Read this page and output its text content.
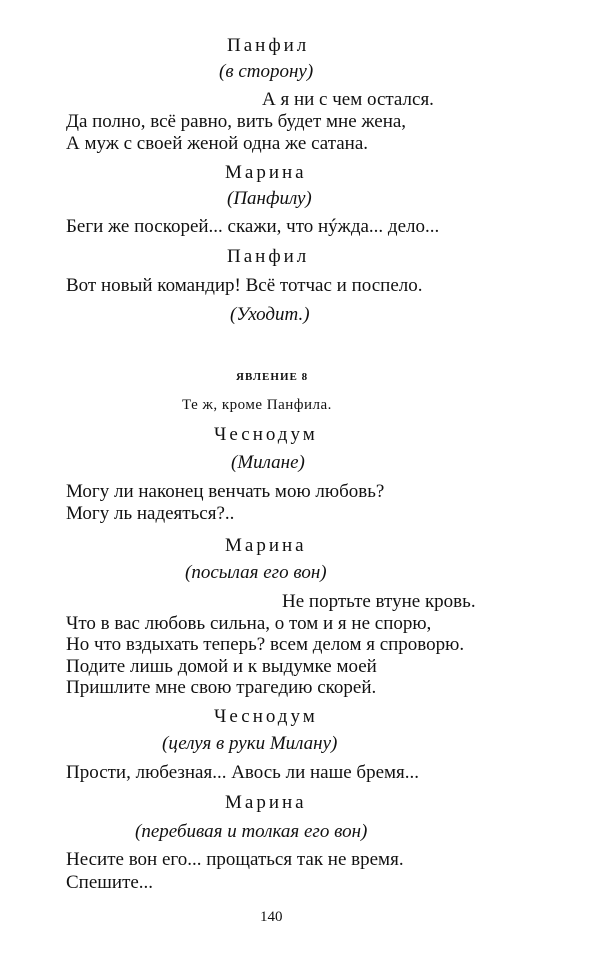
Панфил
(в сторону)
А я ни с чем остался.
Да полно, всё равно, вить будет мне жена,
А муж с своей женой одна же сатана.
Марина
(Панфилу)
Беги же поскорей... скажи, что нýжда... дело...
Панфил
Вот новый командир! Всё тотчас и поспело.
(Уходит.)
ЯВЛЕНИЕ 8
Те ж, кроме Панфила.
Чеснодум
(Милане)
Могу ли наконец венчать мою любовь?
Могу ль надеяться?..
Марина
(посылая его вон)
Не портьте втуне кровь.
Что в вас любовь сильна, о том и я не спорю,
Но что вздыхать теперь? всем делом я спроворю.
Подите лишь домой и к выдумке моей
Пришлите мне свою трагедию скорей.
Чеснодум
(целуя в руки Милану)
Прости, любезная... Авось ли наше бремя...
Марина
(перебивая и толкая его вон)
Несите вон его... прощаться так не время.
Спешите...
140
